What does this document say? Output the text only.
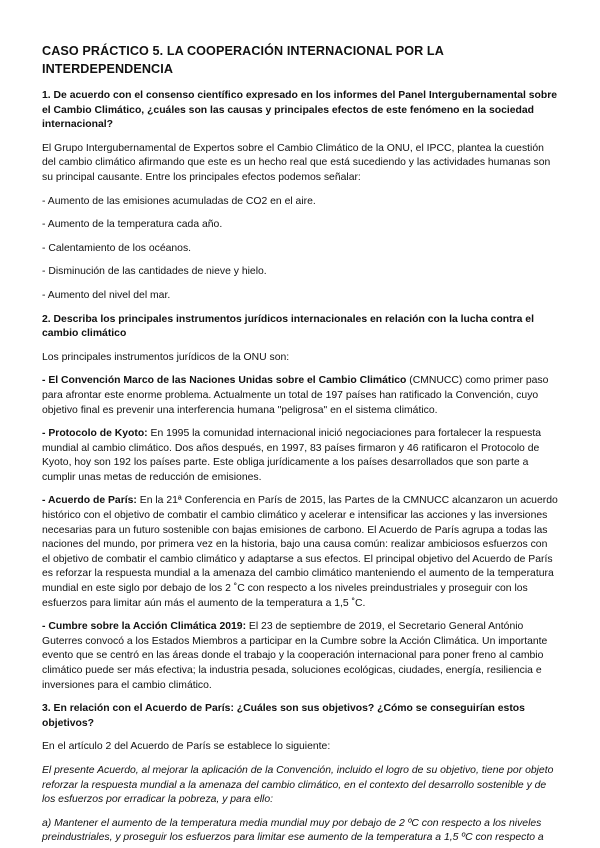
CASO PRÁCTICO 5. LA COOPERACIÓN INTERNACIONAL POR LA INTERDEPENDENCIA
1. De acuerdo con el consenso científico expresado en los informes del Panel Intergubernamental sobre el Cambio Climático, ¿cuáles son las causas y principales efectos de este fenómeno en la sociedad internacional?
El Grupo Intergubernamental de Expertos sobre el Cambio Climático de la ONU, el IPCC, plantea la cuestión del cambio climático afirmando que este es un hecho real que está sucediendo y las actividades humanas son su principal causante. Entre los principales efectos podemos señalar:
- Aumento de las emisiones acumuladas de CO2 en el aire.
- Aumento de la temperatura cada año.
- Calentamiento de los océanos.
- Disminución de las cantidades de nieve y hielo.
- Aumento del nivel del mar.
2. Describa los principales instrumentos jurídicos internacionales en relación con la lucha contra el cambio climático
Los principales instrumentos jurídicos de la ONU son:
- El Convención Marco de las Naciones Unidas sobre el Cambio Climático (CMNUCC) como primer paso para afrontar este enorme problema. Actualmente un total de 197 países han ratificado la Convención, cuyo objetivo final es prevenir una interferencia humana "peligrosa" en el sistema climático.
- Protocolo de Kyoto: En 1995 la comunidad internacional inició negociaciones para fortalecer la respuesta mundial al cambio climático. Dos años después, en 1997, 83 países firmaron y 46 ratificaron el Protocolo de Kyoto, hoy son 192 los países parte. Este obliga jurídicamente a los países desarrollados que son parte a cumplir unas metas de reducción de emisiones.
- Acuerdo de París: En la 21ª Conferencia en París de 2015, las Partes de la CMNUCC alcanzaron un acuerdo histórico con el objetivo de combatir el cambio climático y acelerar e intensificar las acciones y las inversiones necesarias para un futuro sostenible con bajas emisiones de carbono. El Acuerdo de París agrupa a todas las naciones del mundo, por primera vez en la historia, bajo una causa común: realizar ambiciosos esfuerzos con el objetivo de combatir el cambio climático y adaptarse a sus efectos. El principal objetivo del Acuerdo de París es reforzar la respuesta mundial a la amenaza del cambio climático manteniendo el aumento de la temperatura mundial en este siglo por debajo de los 2 ˚C con respecto a los niveles preindustriales y proseguir con los esfuerzos para limitar aún más el aumento de la temperatura a 1,5 ˚C.
- Cumbre sobre la Acción Climática 2019: El 23 de septiembre de 2019, el Secretario General António Guterres convocó a los Estados Miembros a participar en la Cumbre sobre la Acción Climática. Un importante evento que se centró en las áreas donde el trabajo y la cooperación internacional para poner freno al cambio climático puede ser más efectiva; la industria pesada, soluciones ecológicas, ciudades, energía, resiliencia e inversiones para el cambio climático.
3. En relación con el Acuerdo de París: ¿Cuáles son sus objetivos? ¿Cómo se conseguirían estos objetivos?
En el artículo 2 del Acuerdo de París se establece lo siguiente:
El presente Acuerdo, al mejorar la aplicación de la Convención, incluido el logro de su objetivo, tiene por objeto reforzar la respuesta mundial a la amenaza del cambio climático, en el contexto del desarrollo sostenible y de los esfuerzos por erradicar la pobreza, y para ello:
a) Mantener el aumento de la temperatura media mundial muy por debajo de 2 ºC con respecto a los niveles preindustriales, y proseguir los esfuerzos para limitar ese aumento de la temperatura a 1,5 ºC con respecto a
